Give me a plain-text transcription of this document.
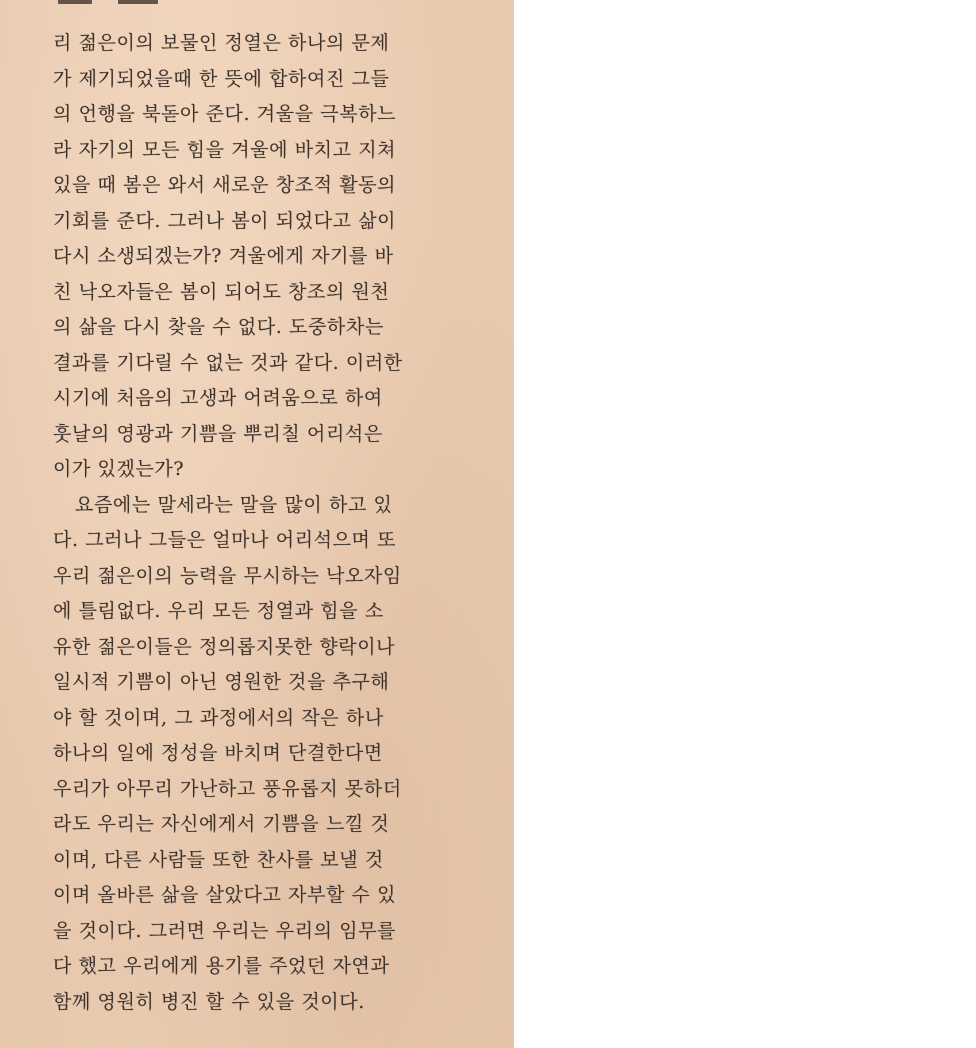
리 젊은이의 보물인 정열은 하나의 문제
가 제기되었을때 한 뜻에 합하여진 그들
의 언행을 북돋아 준다. 겨울을 극복하느
라 자기의 모든 힘을 겨울에 바치고 지쳐
있을 때 봄은 와서 새로운 창조적 활동의
기회를 준다. 그러나 봄이 되었다고 삶이
다시 소생되겠는가? 겨울에게 자기를 바
친 낙오자들은 봄이 되어도 창조의 원천
의 삶을 다시 찾을 수 없다. 도중하차는
결과를 기다릴 수 없는 것과 같다. 이러한
시기에 처음의 고생과 어려움으로 하여
훗날의 영광과 기쁨을 뿌리칠 어리석은
이가 있겠는가?
요즘에는 말세라는 말을 많이 하고 있
다. 그러나 그들은 얼마나 어리석으며 또
우리 젊은이의 능력을 무시하는 낙오자임
에 틀림없다. 우리 모든 정열과 힘을 소
유한 젊은이들은 정의롭지못한 향락이나
일시적 기쁨이 아닌 영원한 것을 추구해
야 할 것이며, 그 과정에서의 작은 하나
하나의 일에 정성을 바치며 단결한다면
우리가 아무리 가난하고 풍유롭지 못하더
라도 우리는 자신에게서 기쁨을 느낄 것
이며, 다른 사람들 또한 찬사를 보낼 것
이며 올바른 삶을 살았다고 자부할 수 있
을 것이다. 그러면 우리는 우리의 임무를
다 했고 우리에게 용기를 주었던 자연과
함께 영원히 병진 할 수 있을 것이다.
